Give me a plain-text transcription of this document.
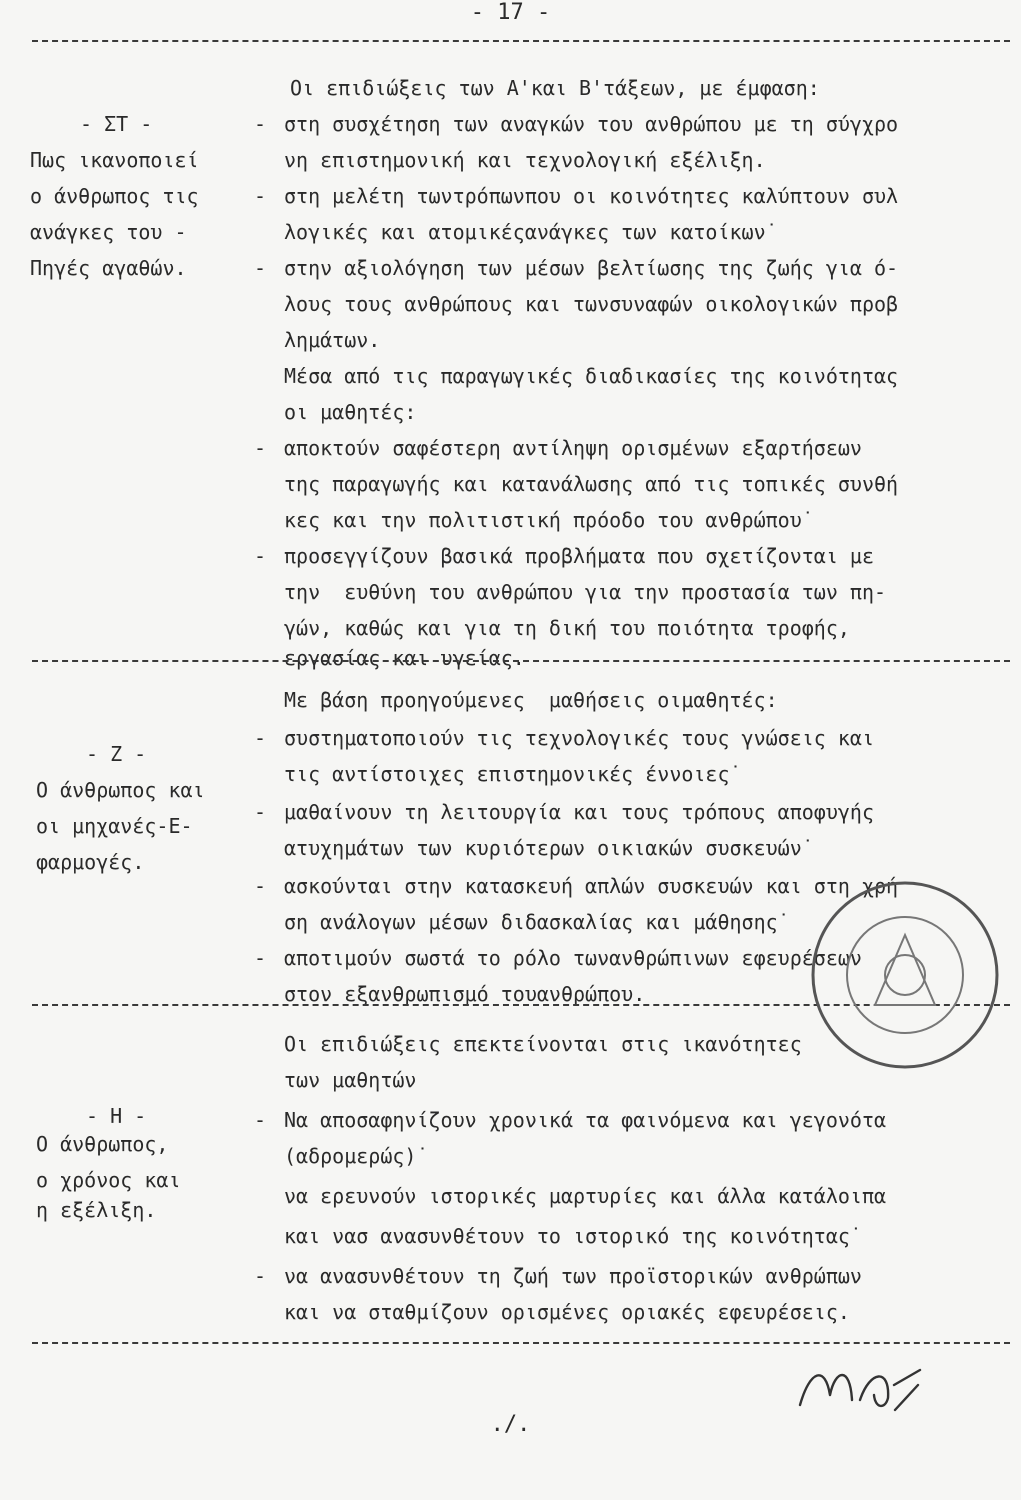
- 17 -
- ΣΤ -
Πως ικανοποιεί
ο άνθρωπος τις
ανάγκες του -
Πηγές αγαθών.
Οι επιδιώξεις των Α'και Β'τάξεων, με έμφαση:
- στη συσχέτηση των αναγκών του ανθρώπου με τη σύγχρο
νη επιστημονική και τεχνολογική εξέλιξη.
- στη μελέτη τωντρόπωνπου οι κοινότητες καλύπτουν συλ
λογικές και ατομικέςανάγκες των κατοίκων˙
- στην αξιολόγηση των μέσων βελτίωσης της ζωής για ό-
λους τους ανθρώπους και τωνσυναφών οικολογικών προβ
λημάτων.
Μέσα από τις παραγωγικές διαδικασίες της κοινότητας
οι μαθητές:
- αποκτούν σαφέστερη αντίληψη ορισμένων εξαρτήσεων
της παραγωγής και κατανάλωσης από τις τοπικές συνθή
κες και την πολιτιστική πρόοδο του ανθρώπου˙
- προσεγγίζουν βασικά προβλήματα που σχετίζονται με
την  ευθύνη του ανθρώπου για την προστασία των πη-
γών, καθώς και για τη δική του ποιότητα τροφής,
εργασίας και υγείας.
Με βάση προηγούμενες  μαθήσεις οιμαθητές:
- Ζ -
Ο άνθρωπος και
οι μηχανές-Ε-
φαρμογές.
- συστηματοποιούν τις τεχνολογικές τους γνώσεις και
τις αντίστοιχες επιστημονικές έννοιες˙
- μαθαίνουν τη λειτουργία και τους τρόπους αποφυγής
ατυχημάτων των κυριότερων οικιακών συσκευών˙
- ασκούνται στην κατασκευή απλών συσκευών και στη χρή
ση ανάλογων μέσων διδασκαλίας και μάθησης˙
- αποτιμούν σωστά το ρόλο τωνανθρώπινων εφευρέσεων
στον εξανθρωπισμό τουανθρώπου.
Οι επιδιώξεις επεκτείνονται στις ικανότητες
- Η -
Ο άνθρωπος,
ο χρόνος και
η εξέλιξη.
των μαθητών
- Να αποσαφηνίζουν χρονικά τα φαινόμενα και γεγονότα
(αδρομερώς)˙
να ερευνούν ιστορικές μαρτυρίες και άλλα κατάλοιπα
και νασ ανασυνθέτουν το ιστορικό της κοινότητας˙
- να ανασυνθέτουν τη ζωή των προϊστορικών ανθρώπων
και να σταθμίζουν ορισμένες οριακές εφευρέσεις.
./.
